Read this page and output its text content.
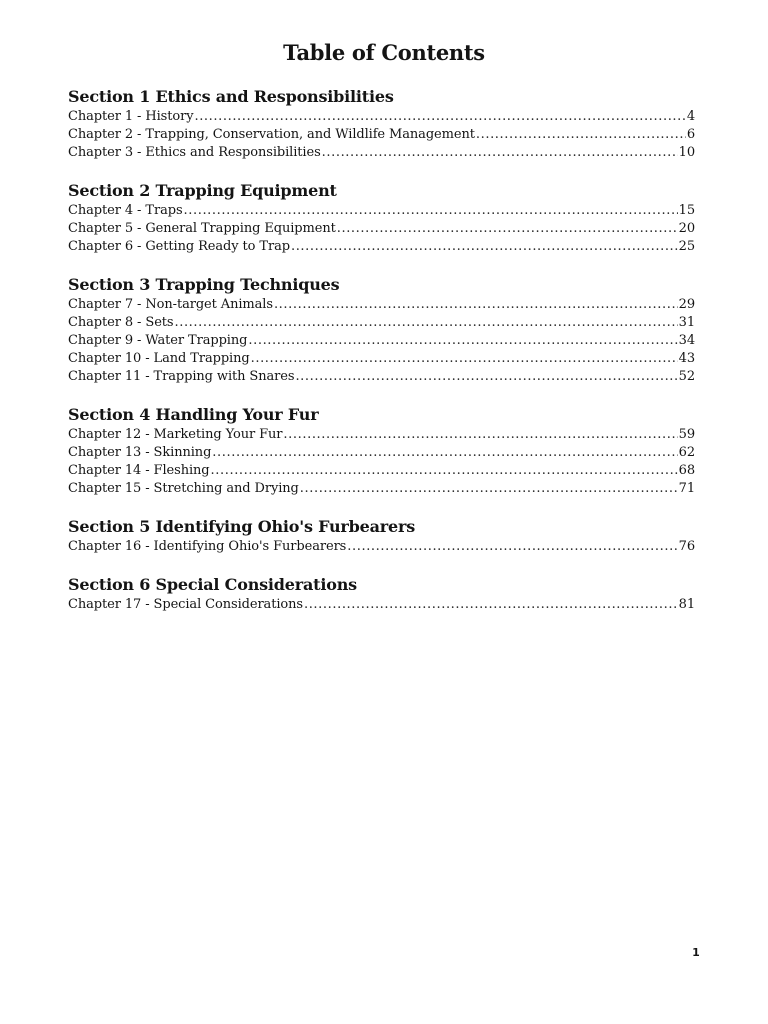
Table of Contents
Section 1 Ethics and Responsibilities
Chapter 1 - History .....	4
Chapter 2 - Trapping, Conservation, and Wildlife Management .....	6
Chapter 3 - Ethics and Responsibilities .....	10
Section 2 Trapping Equipment
Chapter 4 - Traps .....	15
Chapter 5 - General Trapping Equipment .....	20
Chapter 6 - Getting Ready to Trap .....	25
Section 3 Trapping Techniques
Chapter 7 - Non-target Animals .....	29
Chapter 8 - Sets .....	31
Chapter 9 - Water Trapping .....	34
Chapter 10 - Land Trapping .....	43
Chapter 11 - Trapping with Snares .....	52
Section 4 Handling Your Fur
Chapter 12 - Marketing Your Fur .....	59
Chapter 13 - Skinning .....	62
Chapter 14 - Fleshing .....	68
Chapter 15 - Stretching and Drying .....	71
Section 5 Identifying Ohio's Furbearers
Chapter 16 - Identifying Ohio's Furbearers .....	76
Section 6 Special Considerations
Chapter 17 - Special Considerations .....	81
1
